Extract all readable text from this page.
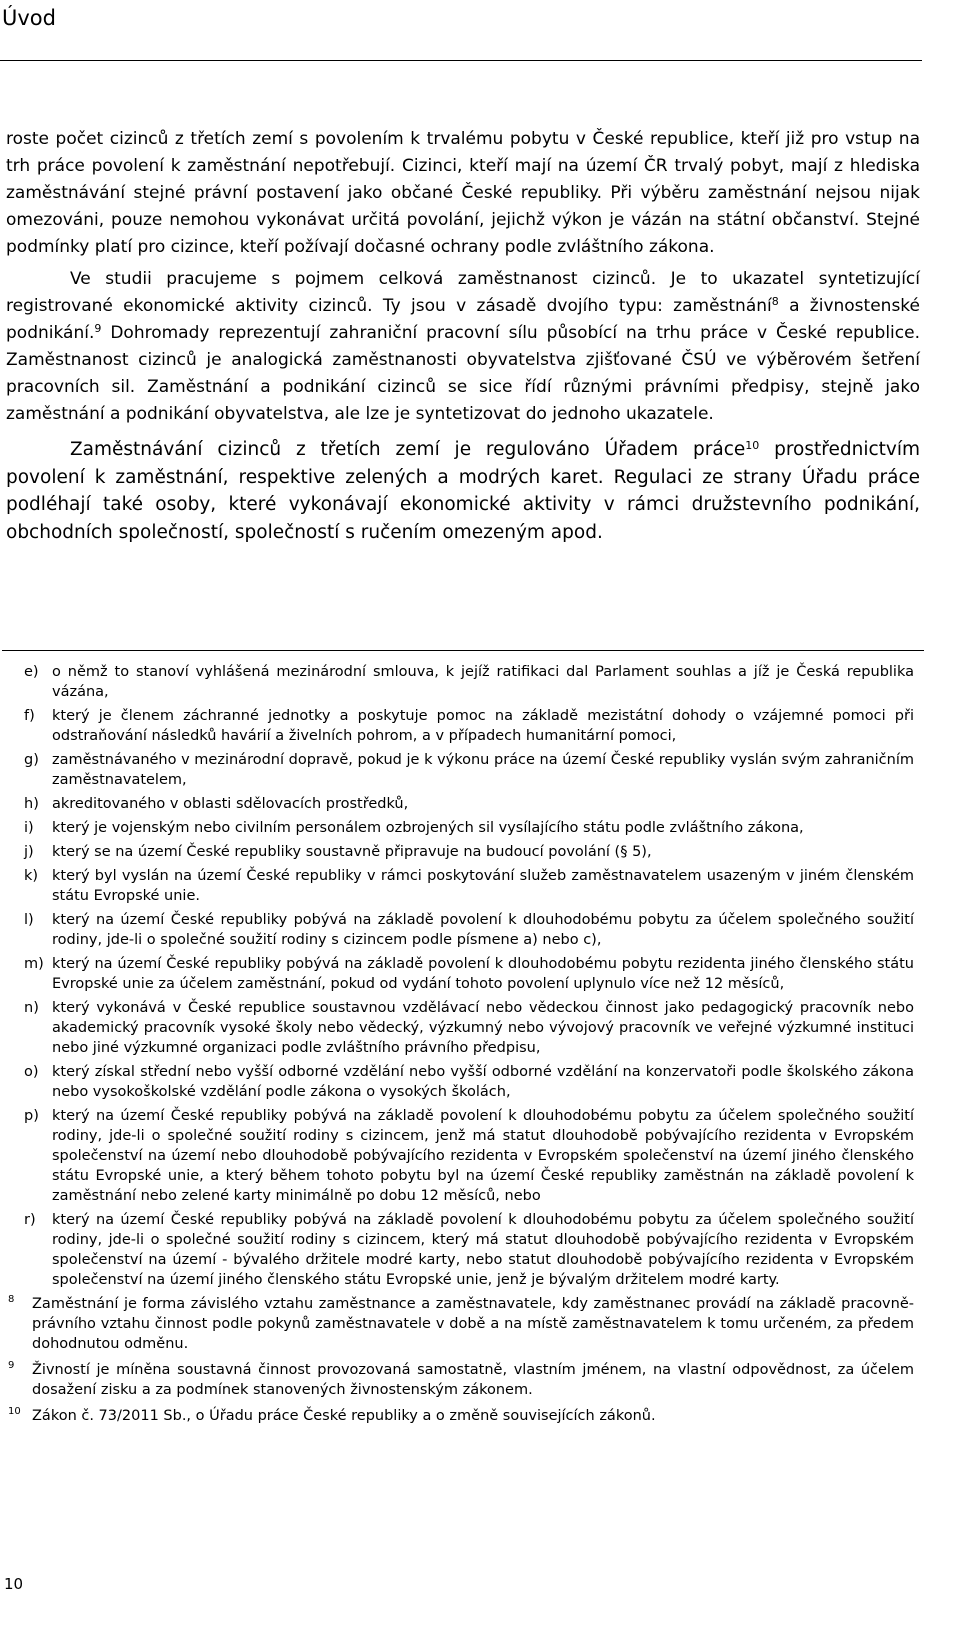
Úvod

roste počet cizinců z třetích zemí s povolením k trvalému pobytu v České republice, kteří již pro vstup na trh práce povolení k zaměstnání nepotřebují. Cizinci, kteří mají na území ČR trvalý pobyt, mají z hlediska zaměstnávání stejné právní postavení jako občané České republiky. Při výběru zaměstnání nejsou nijak omezováni, pouze nemohou vykonávat určitá povolání, jejichž výkon je vázán na státní občanství. Stejné podmínky platí pro cizince, kteří požívají dočasné ochrany podle zvláštního zákona.

Ve studii pracujeme s pojmem celková zaměstnanost cizinců. Je to ukazatel syntetizující registrované ekonomické aktivity cizinců. Ty jsou v zásadě dvojího typu: zaměstnání$^8$ a živnostenské podnikání.$^9$ Dohromady reprezentují zahraniční pracovní sílu působící na trhu práce v České republice. Zaměstnanost cizinců je analogická zaměstnanosti obyvatelstva zjišťované ČSÚ ve výběrovém šetření pracovních sil. Zaměstnání a podnikání cizinců se sice řídí různými právními předpisy, stejně jako zaměstnání a podnikání obyvatelstva, ale lze je syntetizovat do jednoho ukazatele.

Zaměstnávání cizinců z třetích zemí je regulováno Úřadem práce$^{10}$ prostřednictvím povolení k zaměstnání, respektive zelených a modrých karet. Regulaci ze strany Úřadu práce podléhají také osoby, které vykonávají ekonomické aktivity v rámci družstevního podnikání, obchodních společností, společností s ručením omezeným apod.

e) o němž to stanoví vyhlášená mezinárodní smlouva, k jejíž ratifikaci dal Parlament souhlas a jíž je Česká republika vázána,
f)	který je členem záchranné jednotky a poskytuje pomoc na základě mezistátní dohody o vzájemné pomoci při odstraňování následků havárií a živelních pohrom, a v případech humanitární pomoci,
g) zaměstnávaného v mezinárodní dopravě, pokud je k výkonu práce na území České republiky vyslán svým zahraničním zaměstnavatelem,
h) akreditovaného v oblasti sdělovacích prostředků,
i)	který je vojenským nebo civilním personálem ozbrojených sil vysílajícího státu podle zvláštního zákona,
j)	který se na území České republiky soustavně připravuje na budoucí povolání (§ 5),
k) který byl vyslán na území České republiky v rámci poskytování služeb zaměstnavatelem usazeným v jiném členském státu Evropské unie.
l)	který na území České republiky pobývá na základě povolení k dlouhodobému pobytu za účelem společného soužití rodiny, jde-li o společné soužití rodiny s cizincem podle písmene a) nebo c),
m) který na území České republiky pobývá na základě povolení k dlouhodobému pobytu rezidenta jiného členského státu Evropské unie za účelem zaměstnání, pokud od vydání tohoto povolení uplynulo více než 12 měsíců,
n) který vykonává v České republice soustavnou vzdělávací nebo vědeckou činnost jako pedagogický pracovník nebo akademický pracovník vysoké školy nebo vědecký, výzkumný nebo vývojový pracovník ve veřejné výzkumné instituci nebo jiné výzkumné organizaci podle zvláštního právního předpisu,
o) který získal střední nebo vyšší odborné vzdělání nebo vyšší odborné vzdělání na konzervatoři podle školského zákona nebo vysokoškolské vzdělání podle zákona o vysokých školách,
p) který na území České republiky pobývá na základě povolení k dlouhodobému pobytu za účelem společného soužití rodiny, jde-li o společné soužití rodiny s cizincem, jenž má statut dlouhodobě pobývajícího rezidenta v Evropském společenství na území nebo dlouhodobě pobývajícího rezidenta v Evropském společenství na území jiného členského státu Evropské unie, a který během tohoto pobytu byl na území České republiky zaměstnán na základě povolení k zaměstnání nebo zelené karty minimálně po dobu 12 měsíců, nebo
r)	který na území České republiky pobývá na základě povolení k dlouhodobému pobytu za účelem společného soužití rodiny, jde-li o společné soužití rodiny s cizincem, který má statut dlouhodobě pobývajícího rezidenta v Evropském společenství na území - bývalého držitele modré karty, nebo statut dlouhodobě pobývajícího rezidenta v Evropském společenství na území jiného členského státu Evropské unie, jenž je bývalým držitelem modré karty.
8	Zaměstnání je forma závislého vztahu zaměstnance a zaměstnavatele, kdy zaměstnanec provádí na základě pracovně-právního vztahu činnost podle pokynů zaměstnavatele v době a na místě zaměstnavatelem k tomu určeném, za předem dohodnutou odměnu.
9	Živností je míněna soustavná činnost provozovaná samostatně, vlastním jménem, na vlastní odpovědnost, za účelem dosažení zisku a za podmínek stanovených živnostenským zákonem.
10 Zákon č. 73/2011 Sb., o Úřadu práce České republiky a o změně souvisejících zákonů.
10
